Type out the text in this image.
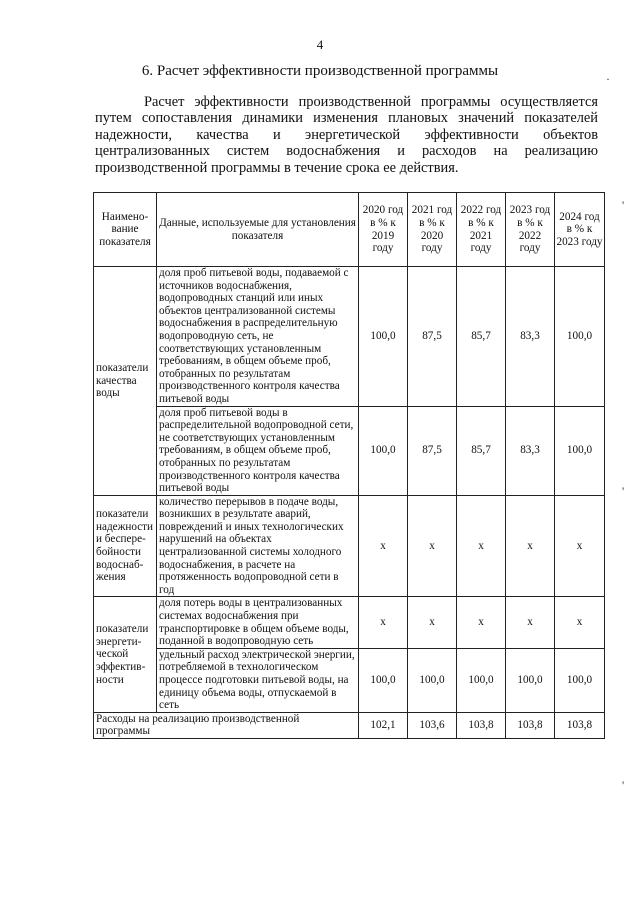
4
6. Расчет эффективности производственной программы

Расчет эффективности производственной программы осуществляется путем сопоставления динамики изменения плановых значений показателей надежности, качества и энергетической эффективности объектов централизованных систем водоснабжения и расходов на реализацию производственной программы в течение срока ее действия.

Наимено-вание показателя	Данные, используемые для установления показателя	2020 год в % к 2019 году	2021 год в % к 2020 году	2022 год в % к 2021 году	2023 год в % к 2022 году	2024 год в % к 2023 году
показатели качества воды	доля проб питьевой воды, подаваемой с источников водоснабжения, водопроводных станций или иных объектов централизованной системы водоснабжения в распределительную водопроводную сеть, не соответствующих установленным требованиям, в общем объеме проб, отобранных по результатам производственного контроля качества питьевой воды	100,0	87,5	85,7	83,3	100,0
	доля проб питьевой воды в распределительной водопроводной сети, не соответствующих установленным требованиям, в общем объеме проб, отобранных по результатам производственного контроля качества питьевой воды	100,0	87,5	85,7	83,3	100,0
показатели надежности и беспере-бойности водоснаб-жения	количество перерывов в подаче воды, возникших в результате аварий, повреждений и иных технологических нарушений на объектах централизованной системы холодного водоснабжения, в расчете на протяженность водопроводной сети в год	х	х	х	х	х
показатели энергети-ческой эффектив-ности	доля потерь воды в централизованных системах водоснабжения при транспортировке в общем объеме воды, поданной в водопроводную сеть	х	х	х	х	х
	удельный расход электрической энергии, потребляемой в технологическом процессе подготовки питьевой воды, на единицу объема воды, отпускаемой в сеть	100,0	100,0	100,0	100,0	100,0
Расходы на реализацию производственной программы		102,1	103,6	103,8	103,8	103,8
·
'
'
'
